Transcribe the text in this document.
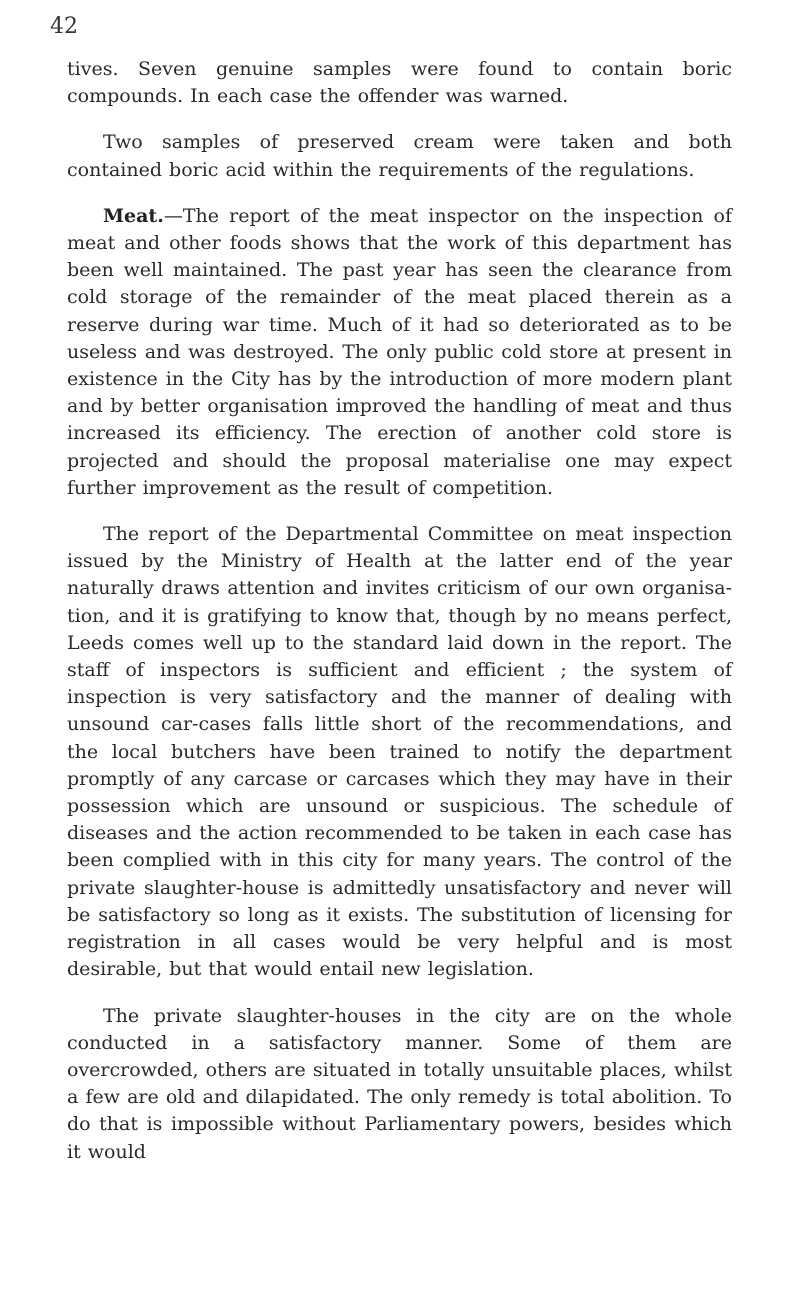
42

tives. Seven genuine samples were found to contain boric compounds. In each case the offender was warned.

Two samples of preserved cream were taken and both contained boric acid within the requirements of the regulations.

Meat.—The report of the meat inspector on the inspection of meat and other foods shows that the work of this department has been well maintained. The past year has seen the clearance from cold storage of the remainder of the meat placed therein as a reserve during war time. Much of it had so deteriorated as to be useless and was destroyed. The only public cold store at present in existence in the City has by the introduction of more modern plant and by better organisation improved the handling of meat and thus increased its efficiency. The erection of another cold store is projected and should the proposal materialise one may expect further improvement as the result of competition.

The report of the Departmental Committee on meat inspection issued by the Ministry of Health at the latter end of the year naturally draws attention and invites criticism of our own organisa-tion, and it is gratifying to know that, though by no means perfect, Leeds comes well up to the standard laid down in the report. The staff of inspectors is sufficient and efficient ; the system of inspection is very satisfactory and the manner of dealing with unsound car-cases falls little short of the recommendations, and the local butchers have been trained to notify the department promptly of any carcase or carcases which they may have in their possession which are unsound or suspicious. The schedule of diseases and the action recommended to be taken in each case has been complied with in this city for many years. The control of the private slaughter-house is admittedly unsatisfactory and never will be satisfactory so long as it exists. The substitution of licensing for registration in all cases would be very helpful and is most desirable, but that would entail new legislation.

The private slaughter-houses in the city are on the whole conducted in a satisfactory manner. Some of them are overcrowded, others are situated in totally unsuitable places, whilst a few are old and dilapidated. The only remedy is total abolition. To do that is impossible without Parliamentary powers, besides which it would
